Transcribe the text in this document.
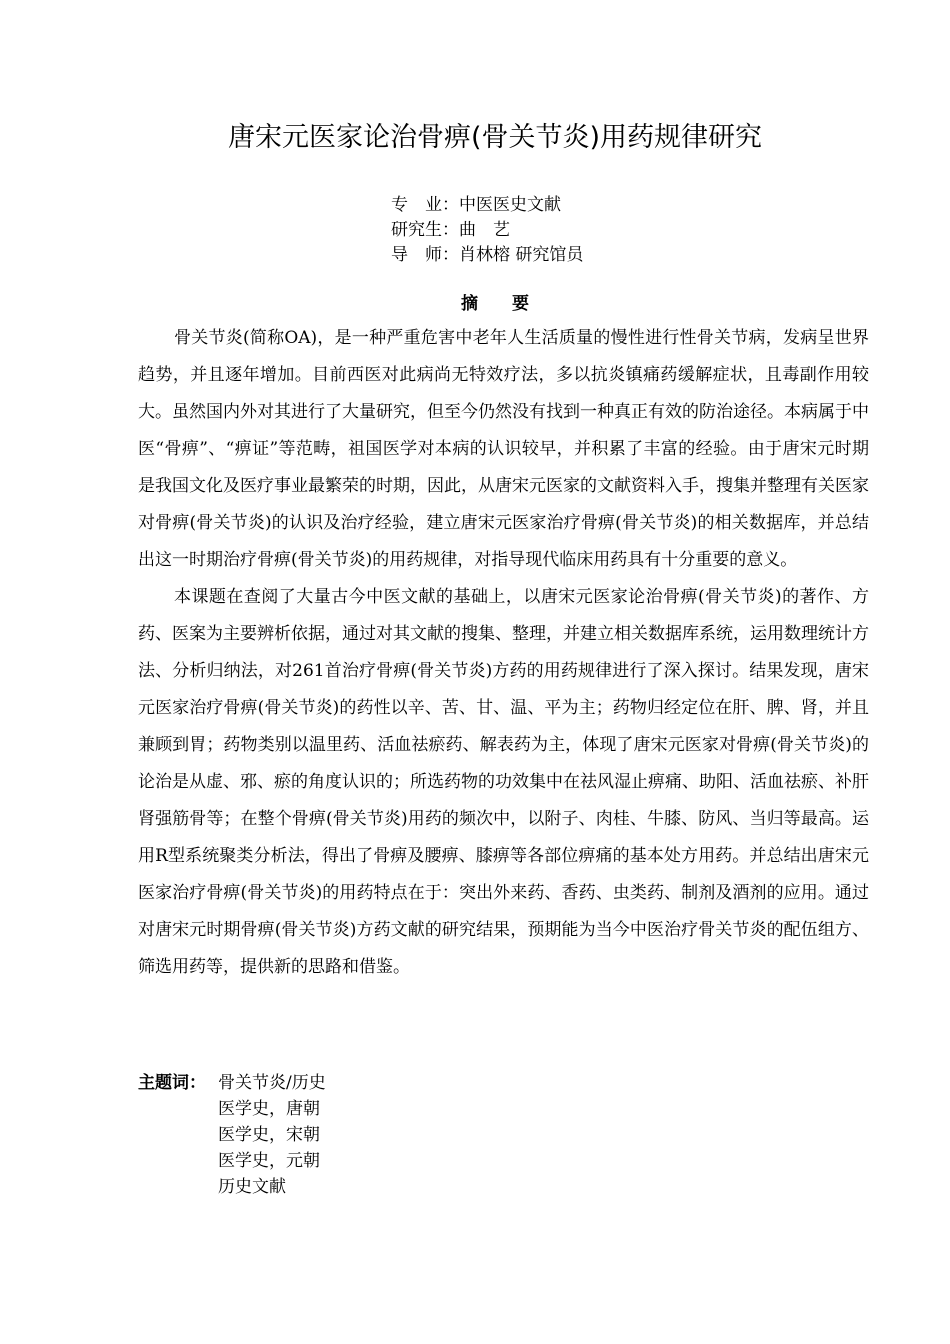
唐宋元医家论治骨痹(骨关节炎)用药规律研究
专　业：中医医史文献
研究生：曲　艺
导　师：肖林榕 研究馆员
摘　　要

骨关节炎(简称OA)，是一种严重危害中老年人生活质量的慢性进行性骨关节病，发病呈世界趋势，并且逐年增加。目前西医对此病尚无特效疗法，多以抗炎镇痛药缓解症状，且毒副作用较大。虽然国内外对其进行了大量研究，但至今仍然没有找到一种真正有效的防治途径。本病属于中医“骨痹”、“痹证”等范畴，祖国医学对本病的认识较早，并积累了丰富的经验。由于唐宋元时期是我国文化及医疗事业最繁荣的时期，因此，从唐宋元医家的文献资料入手，搜集并整理有关医家对骨痹(骨关节炎)的认识及治疗经验，建立唐宋元医家治疗骨痹(骨关节炎)的相关数据库，并总结出这一时期治疗骨痹(骨关节炎)的用药规律，对指导现代临床用药具有十分重要的意义。

本课题在查阅了大量古今中医文献的基础上，以唐宋元医家论治骨痹(骨关节炎)的著作、方药、医案为主要辨析依据，通过对其文献的搜集、整理，并建立相关数据库系统，运用数理统计方法、分析归纳法，对261首治疗骨痹(骨关节炎)方药的用药规律进行了深入探讨。结果发现，唐宋元医家治疗骨痹(骨关节炎)的药性以辛、苦、甘、温、平为主；药物归经定位在肝、脾、肾，并且兼顾到胃；药物类别以温里药、活血祛瘀药、解表药为主，体现了唐宋元医家对骨痹(骨关节炎)的论治是从虚、邪、瘀的角度认识的；所选药物的功效集中在祛风湿止痹痛、助阳、活血祛瘀、补肝肾强筋骨等；在整个骨痹(骨关节炎)用药的频次中，以附子、肉桂、牛膝、防风、当归等最高。运用R型系统聚类分析法，得出了骨痹及腰痹、膝痹等各部位痹痛的基本处方用药。并总结出唐宋元医家治疗骨痹(骨关节炎)的用药特点在于：突出外来药、香药、虫类药、制剂及酒剂的应用。通过对唐宋元时期骨痹(骨关节炎)方药文献的研究结果，预期能为当今中医治疗骨关节炎的配伍组方、筛选用药等，提供新的思路和借鉴。

主题词： 骨关节炎/历史
医学史，唐朝
医学史，宋朝
医学史，元朝
历史文献
